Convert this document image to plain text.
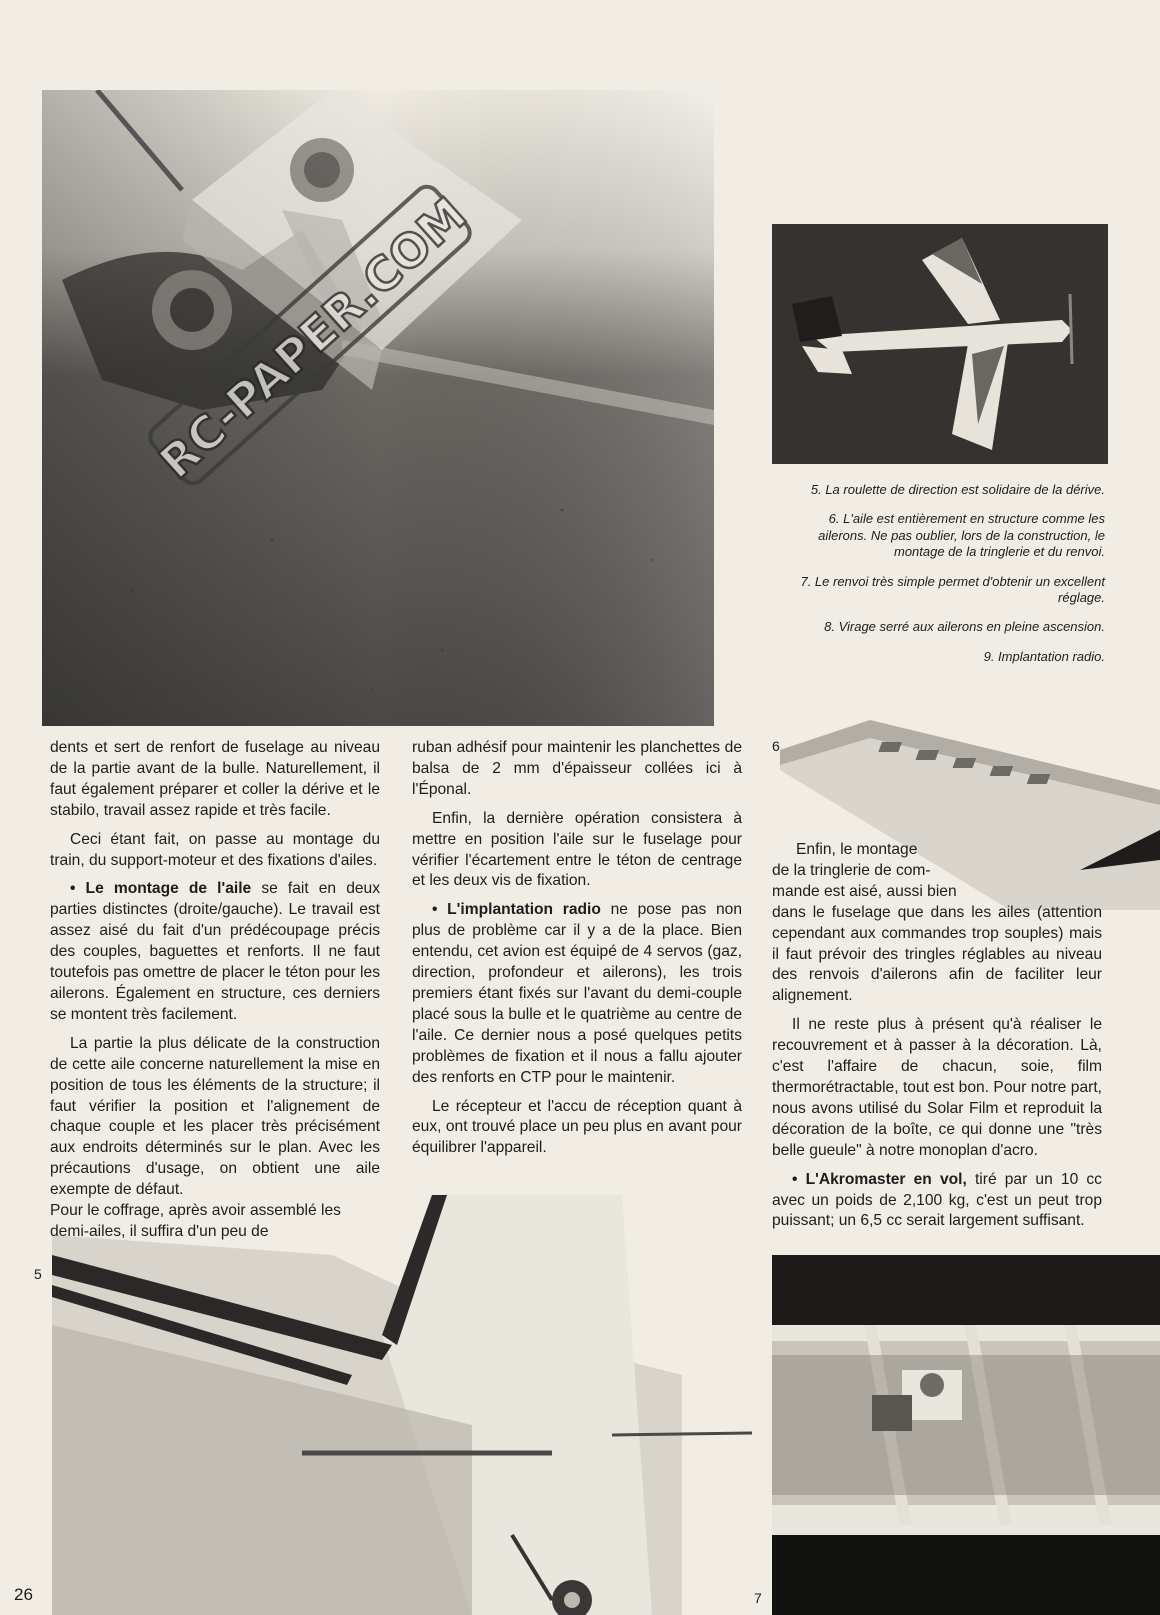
RC-PAPER.COM
5. La roulette de direction est solidaire de la dérive.
6. L'aile est entièrement en structure comme les ailerons. Ne pas oublier, lors de la construction, le montage de la tringlerie et du renvoi.
7. Le renvoi très simple permet d'obtenir un excellent réglage.
8. Virage serré aux ailerons en pleine ascension.
9. Implantation radio.
6
5

dents et sert de renfort de fuselage au niveau de la partie avant de la bulle. Naturellement, il faut également préparer et coller la dérive et le stabilo, travail assez rapide et très facile.

Ceci étant fait, on passe au montage du train, du support-moteur et des fixations d'ailes.

• Le montage de l'aile se fait en deux parties distinctes (droite/gauche). Le travail est assez aisé du fait d'un prédécoupage précis des couples, baguettes et renforts. Il ne faut toutefois pas omettre de placer le téton pour les ailerons. Également en structure, ces derniers se montent très facilement.

La partie la plus délicate de la construction de cette aile concerne naturellement la mise en position de tous les éléments de la structure; il faut vérifier la position et l'alignement de chaque couple et les placer très précisément aux endroits déterminés sur le plan. Avec les précautions d'usage, on obtient une aile exempte de défaut.

Pour le coffrage, après avoir assemblé les demi-ailes, il suffira d'un peu de

ruban adhésif pour maintenir les planchettes de balsa de 2 mm d'épaisseur collées ici à l'Éponal.

Enfin, la dernière opération consistera à mettre en position l'aile sur le fuselage pour vérifier l'écartement entre le téton de centrage et les deux vis de fixation.

• L'implantation radio ne pose pas non plus de problème car il y a de la place. Bien entendu, cet avion est équipé de 4 servos (gaz, direction, profondeur et ailerons), les trois premiers étant fixés sur l'avant du demi-couple placé sous la bulle et le quatrième au centre de l'aile. Ce dernier nous a posé quelques petits problèmes de fixation et il nous a fallu ajouter des renforts en CTP pour le maintenir.

Le récepteur et l'accu de réception quant à eux, ont trouvé place un peu plus en avant pour équilibrer l'appareil.

Enfin, le montage
de la tringlerie de com-
mande est aisé, aussi bien
dans le fuselage que dans les ailes (attention cependant aux commandes trop souples) mais il faut prévoir des tringles réglables au niveau des renvois d'ailerons afin de faciliter leur alignement.

Il ne reste plus à présent qu'à réaliser le recouvrement et à passer à la décoration. Là, c'est l'affaire de chacun, soie, film thermorétractable, tout est bon. Pour notre part, nous avons utilisé du Solar Film et reproduit la décoration de la boîte, ce qui donne une "très belle gueule" à notre monoplan d'acro.

• L'Akromaster en vol, tiré par un 10 cc avec un poids de 2,100 kg, c'est un peut trop puissant; un 6,5 cc serait largement suffisant.

26	7
